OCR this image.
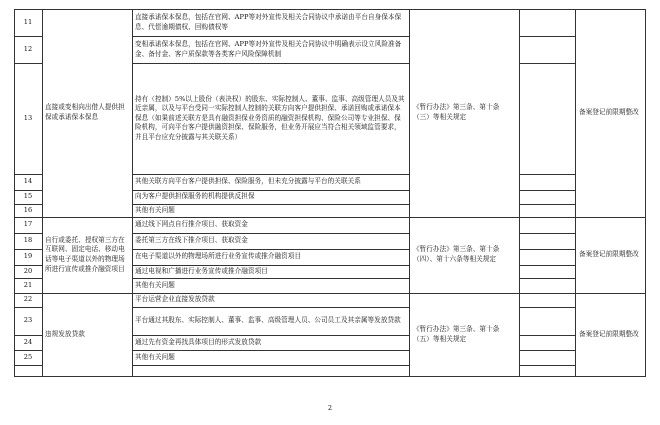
11
12
13
14
15
16
17
18
19
20
21
22
23
24
25
直接承诺保本保息，包括在官网、APP等对外宣传及相关合同协议中承诺由平台自身保本保息、代偿逾期债权、回购债权等
变相承诺保本保息，包括在官网、APP等对外宣传及相关合同协议中明确表示设立风险准备金、备付金、客户质保款等各类客户风险保障机制
持有（控制）5%以上股份（表决权）的股东、实际控制人、董事、监事、高级管理人员及其近亲属，以及与平台受同一实际控制人控制的关联方向客户提供担保、承诺回购或承诺保本保息（如果前述关联方是具有融资担保业务资质的融资担保机构、保险公司等专业担保、保险机构，可向平台客户提供融资担保、保险服务，但业务开展应当符合相关领域监管要求，并且平台应充分披露与其关联关系）
其他关联方向平台客户提供担保、保险服务，但未充分披露与平台的关联关系
向为客户提供担保服务的机构提供反担保
其他有关问题
通过线下网点自行推介项目、获取资金
委托第三方在线下推介项目、获取资金
在电子渠道以外的物理场所进行业务宣传或推介融资项目
通过电视和广播进行业务宣传或推介融资项目
其他有关问题
平台运营企业直接发放贷款
平台通过其股东、实际控制人、董事、监事、高级管理人员、公司员工及其亲属等发放贷款
通过先有资金再找具体项目的形式发放贷款
其他有关问题
直接或变相向出借人提供担保或承诺保本保息
自行或委托、授权第三方在互联网、固定电话、移动电话等电子渠道以外的物理场所进行宣传或推介融资项目
违规发放贷款
《暂行办法》第三条、第十条（三）等相关规定
《暂行办法》第三条、第十条（四）、第十六条等相关规定
《暂行办法》第三条、第十条（五）等相关规定
备案登记前限期整改
备案登记前限期整改
备案登记前限期整改
2
